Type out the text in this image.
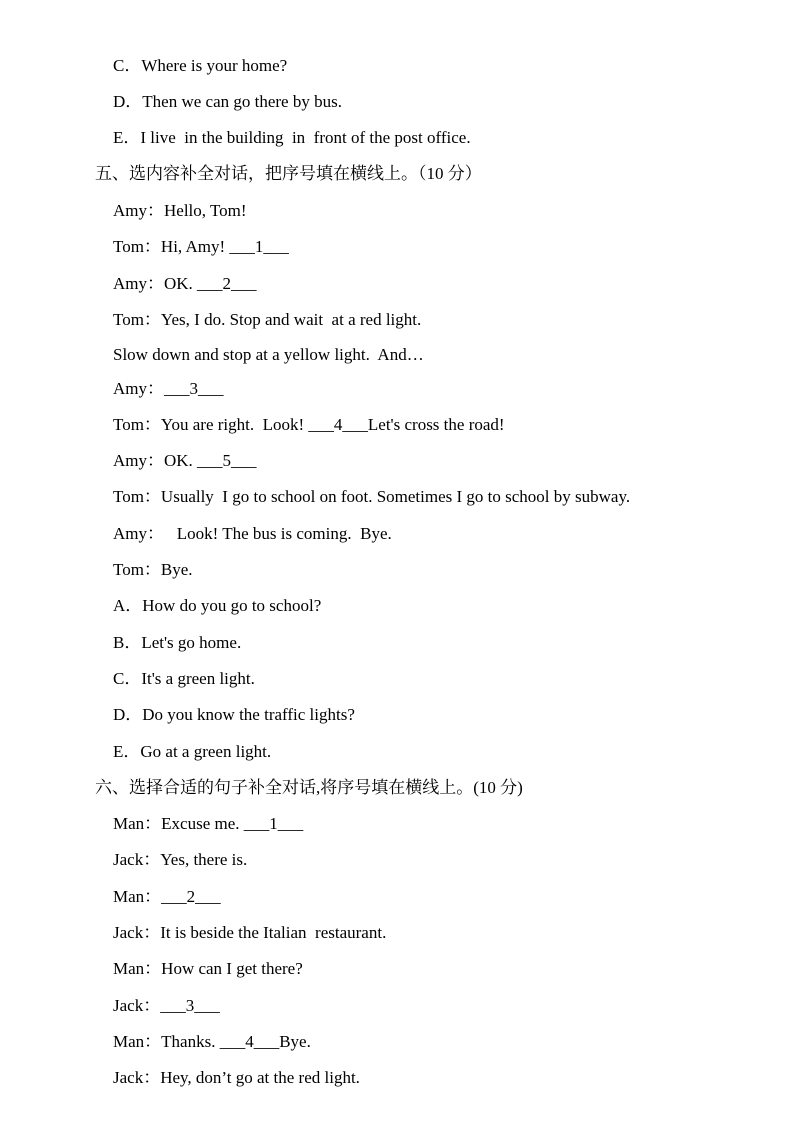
C．Where is your home?
D．Then we can go there by bus.
E．I live  in the building  in  front of the post office.
五、选内容补全对话，把序号填在横线上。（10 分）
Amy：Hello, Tom!
Tom：Hi, Amy! ___1___
Amy：OK. ___2___
Tom：Yes, I do. Stop and wait  at a red light.
Slow down and stop at a yellow light.  And…
Amy：___3___
Tom：You are right.  Look! ___4___Let's cross the road!
Amy：OK. ___5___
Tom：Usually  I go to school on foot. Sometimes I go to school by subway.
Amy：   Look! The bus is coming.  Bye.
Tom：Bye.
A．How do you go to school?
B．Let's go home.
C．It's a green light.
D．Do you know the traffic lights?
E．Go at a green light.
六、选择合适的句子补全对话,将序号填在横线上。(10 分)
Man：Excuse me. ___1___
Jack：Yes, there is.
Man：___2___
Jack：It is beside the Italian  restaurant.
Man：How can I get there?
Jack：___3___
Man：Thanks. ___4___Bye.
Jack：Hey, don’t go at the red light.
